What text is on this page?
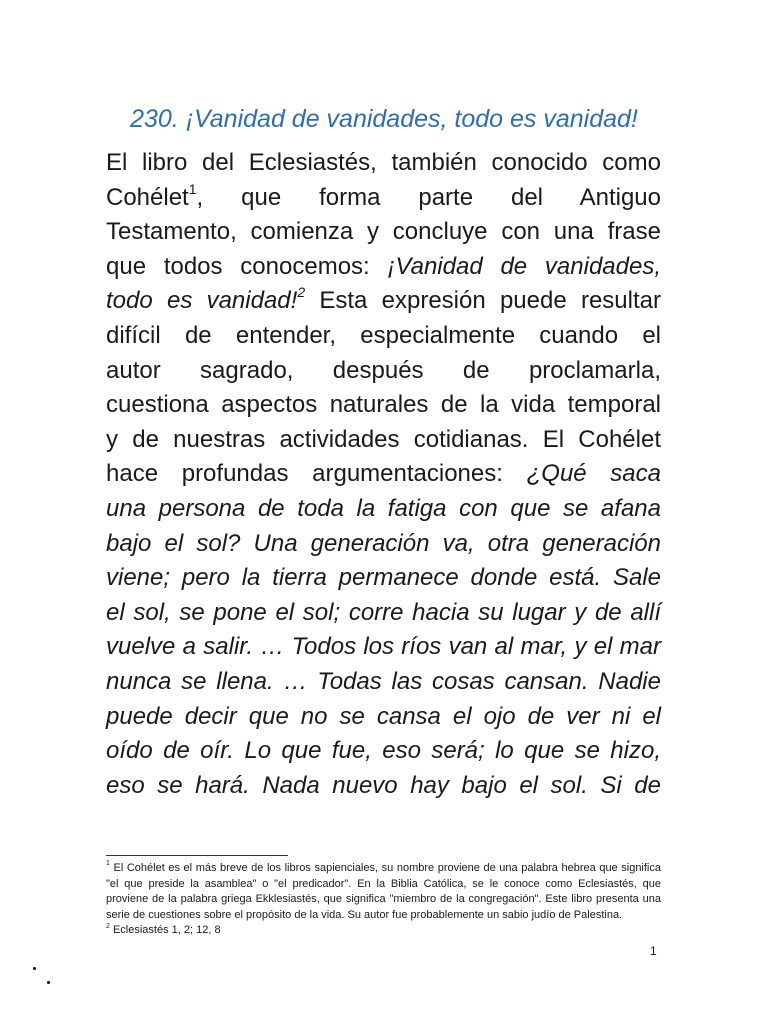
230. ¡Vanidad de vanidades, todo es vanidad!
El libro del Eclesiastés, también conocido como
Cohélet$^1$, que forma parte del Antiguo
Testamento, comienza y concluye con una frase
que todos conocemos: ¡Vanidad de vanidades,
todo es vanidad!$^2$ Esta expresión puede resultar
difícil de entender, especialmente cuando el
autor sagrado, después de proclamarla,
cuestiona aspectos naturales de la vida temporal
y de nuestras actividades cotidianas. El Cohélet
hace profundas argumentaciones: ¿Qué saca
una persona de toda la fatiga con que se afana
bajo el sol? Una generación va, otra generación
viene; pero la tierra permanece donde está. Sale
el sol, se pone el sol; corre hacia su lugar y de allí
vuelve a salir. … Todos los ríos van al mar, y el mar
nunca se llena. … Todas las cosas cansan. Nadie
puede decir que no se cansa el ojo de ver ni el
oído de oír. Lo que fue, eso será; lo que se hizo,
eso se hará. Nada nuevo hay bajo el sol. Si de
$^1$ El Cohélet es el más breve de los libros sapienciales, su nombre proviene de una palabra hebrea que significa
"el que preside la asamblea" o "el predicador". En la Biblia Católica, se le conoce como Eclesiastés, que
proviene de la palabra griega Ekklesiastés, que significa "miembro de la congregación". Este libro presenta una
serie de cuestiones sobre el propósito de la vida. Su autor fue probablemente un sabio judío de Palestina.
$^2$ Eclesiastés 1, 2; 12, 8
1
